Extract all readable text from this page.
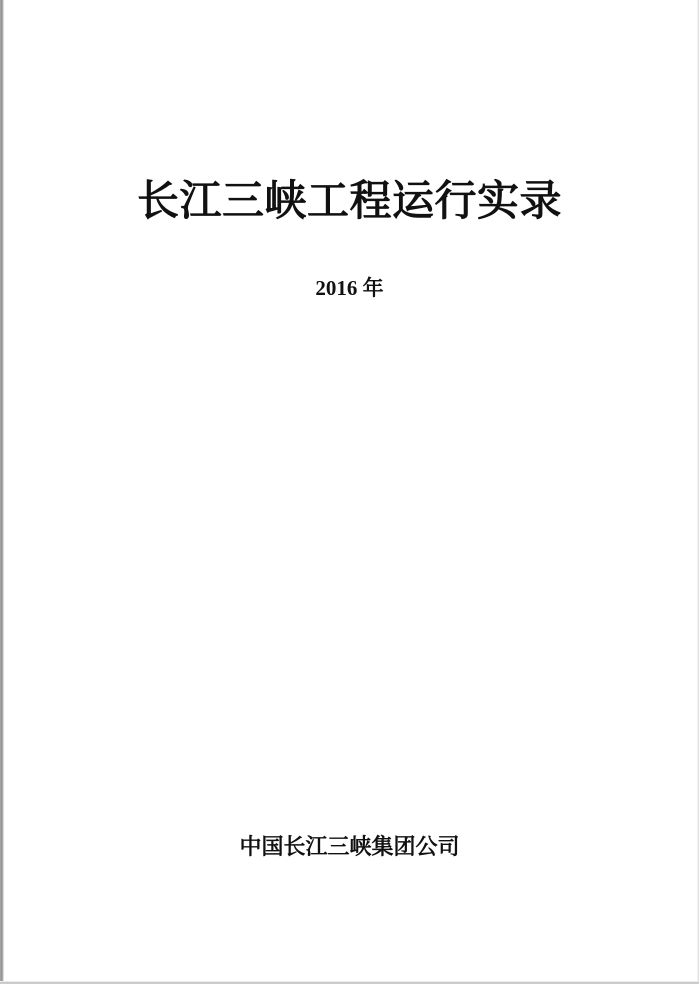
长江三峡工程运行实录
2016 年
中国长江三峡集团公司
